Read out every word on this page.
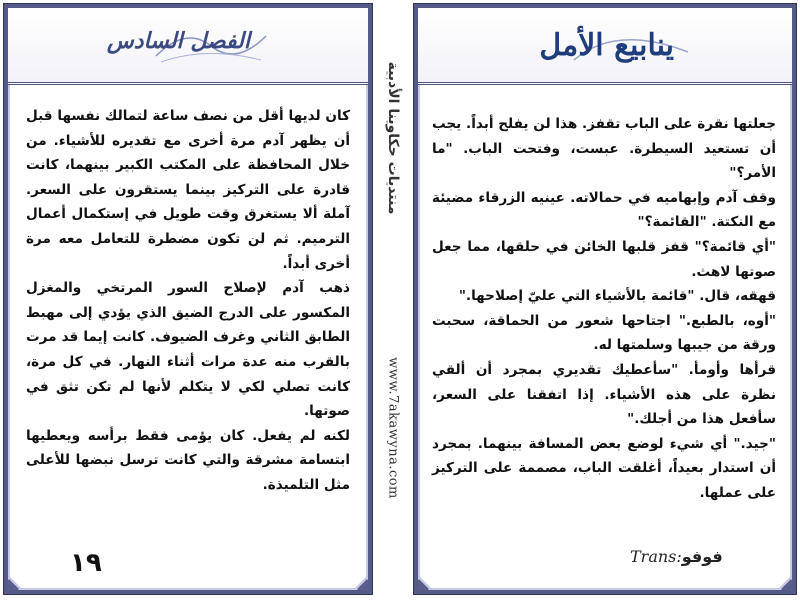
الفصل السادس

كان لديها أقل من نصف ساعة لتمالك نفسها قبل أن يظهر آدم مرة أخرى مع تقديره للأشياء. من خلال المحافظة على المكتب الكبير بينهما، كانت قادرة على التركيز بينما يستقرون على السعر. آملة ألا يستغرق وقت طويل في إستكمال أعمال الترميم. ثم لن تكون مضطرة للتعامل معه مرة أخرى أبداً.

ذهب آدم لإصلاح السور المرتخي والمغزل المكسور على الدرج الضيق الذي يؤدي إلى مهبط الطابق الثاني وغرف الضيوف. كانت إيما قد مرت بالقرب منه عدة مرات أثناء النهار. في كل مرة، كانت تصلي لكي لا يتكلم لأنها لم تكن تثق في صوتها.

لكنه لم يفعل. كان يؤمى فقط برأسه ويعطيها ابتسامة مشرقة والتي كانت ترسل نبضها للأعلى مثل التلميذة.

١٩
منتديات حكاوينا الأدبية
www.7akawyna.com
ينابيع الأمل

جعلتها نقرة على الباب تقفز. هذا لن يفلح أبداً. يجب أن تستعيد السيطرة. عبست، وفتحت الباب. "ما الأمر؟"

وقف آدم وإبهاميه في حمالاته. عينيه الزرقاء مضيئة مع النكتة. "القائمة؟"

"أي قائمة؟" قفز قلبها الخائن في حلقها، مما جعل صوتها لاهث.

قهقه، قال. "قائمة بالأشياء التي عليّ إصلاحها."

"أوه، بالطبع." اجتاحها شعور من الحماقة، سحبت ورقة من جيبها وسلمتها له.

قرأها وأومأ. "سأعطيك تقديري بمجرد أن ألقي نظرة على هذه الأشياء. إذا اتفقنا على السعر، سأفعل هذا من أجلك."

"جيد." أي شيء لوضع بعض المسافة بينهما. بمجرد أن استدار بعيداً، أغلقت الباب، مصممة على التركيز على عملها.

Trans:فوفو
